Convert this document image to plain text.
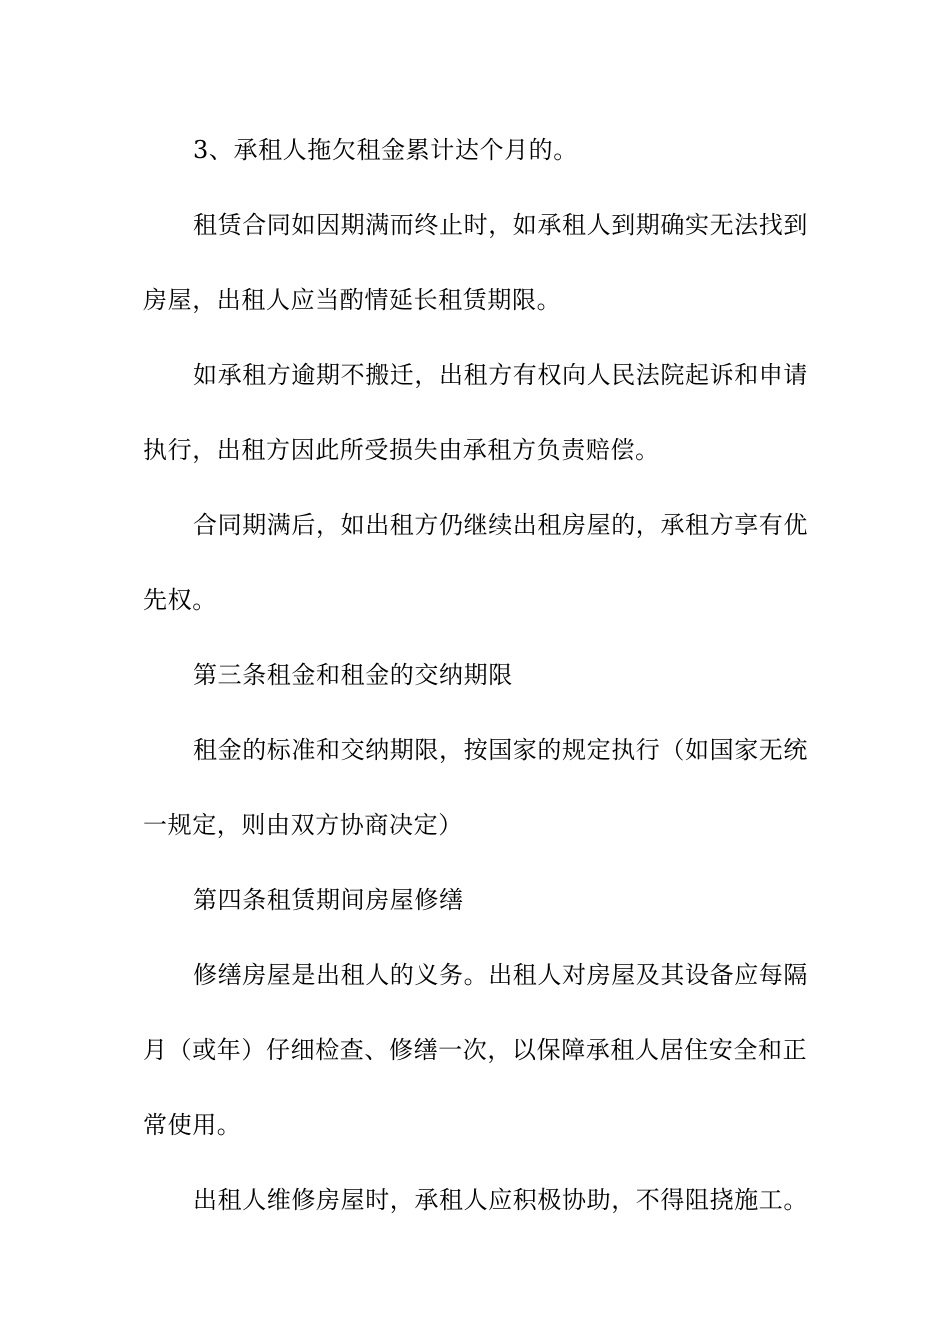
3、承租人拖欠租金累计达个月的。
租赁合同如因期满而终止时，如承租人到期确实无法找到
房屋，出租人应当酌情延长租赁期限。
如承租方逾期不搬迁，出租方有权向人民法院起诉和申请
执行，出租方因此所受损失由承租方负责赔偿。
合同期满后，如出租方仍继续出租房屋的，承租方享有优
先权。
第三条租金和租金的交纳期限
租金的标准和交纳期限，按国家的规定执行（如国家无统
一规定，则由双方协商决定）
第四条租赁期间房屋修缮
修缮房屋是出租人的义务。出租人对房屋及其设备应每隔
月（或年）仔细检查、修缮一次，以保障承租人居住安全和正
常使用。
出租人维修房屋时，承租人应积极协助，不得阻挠施工。
